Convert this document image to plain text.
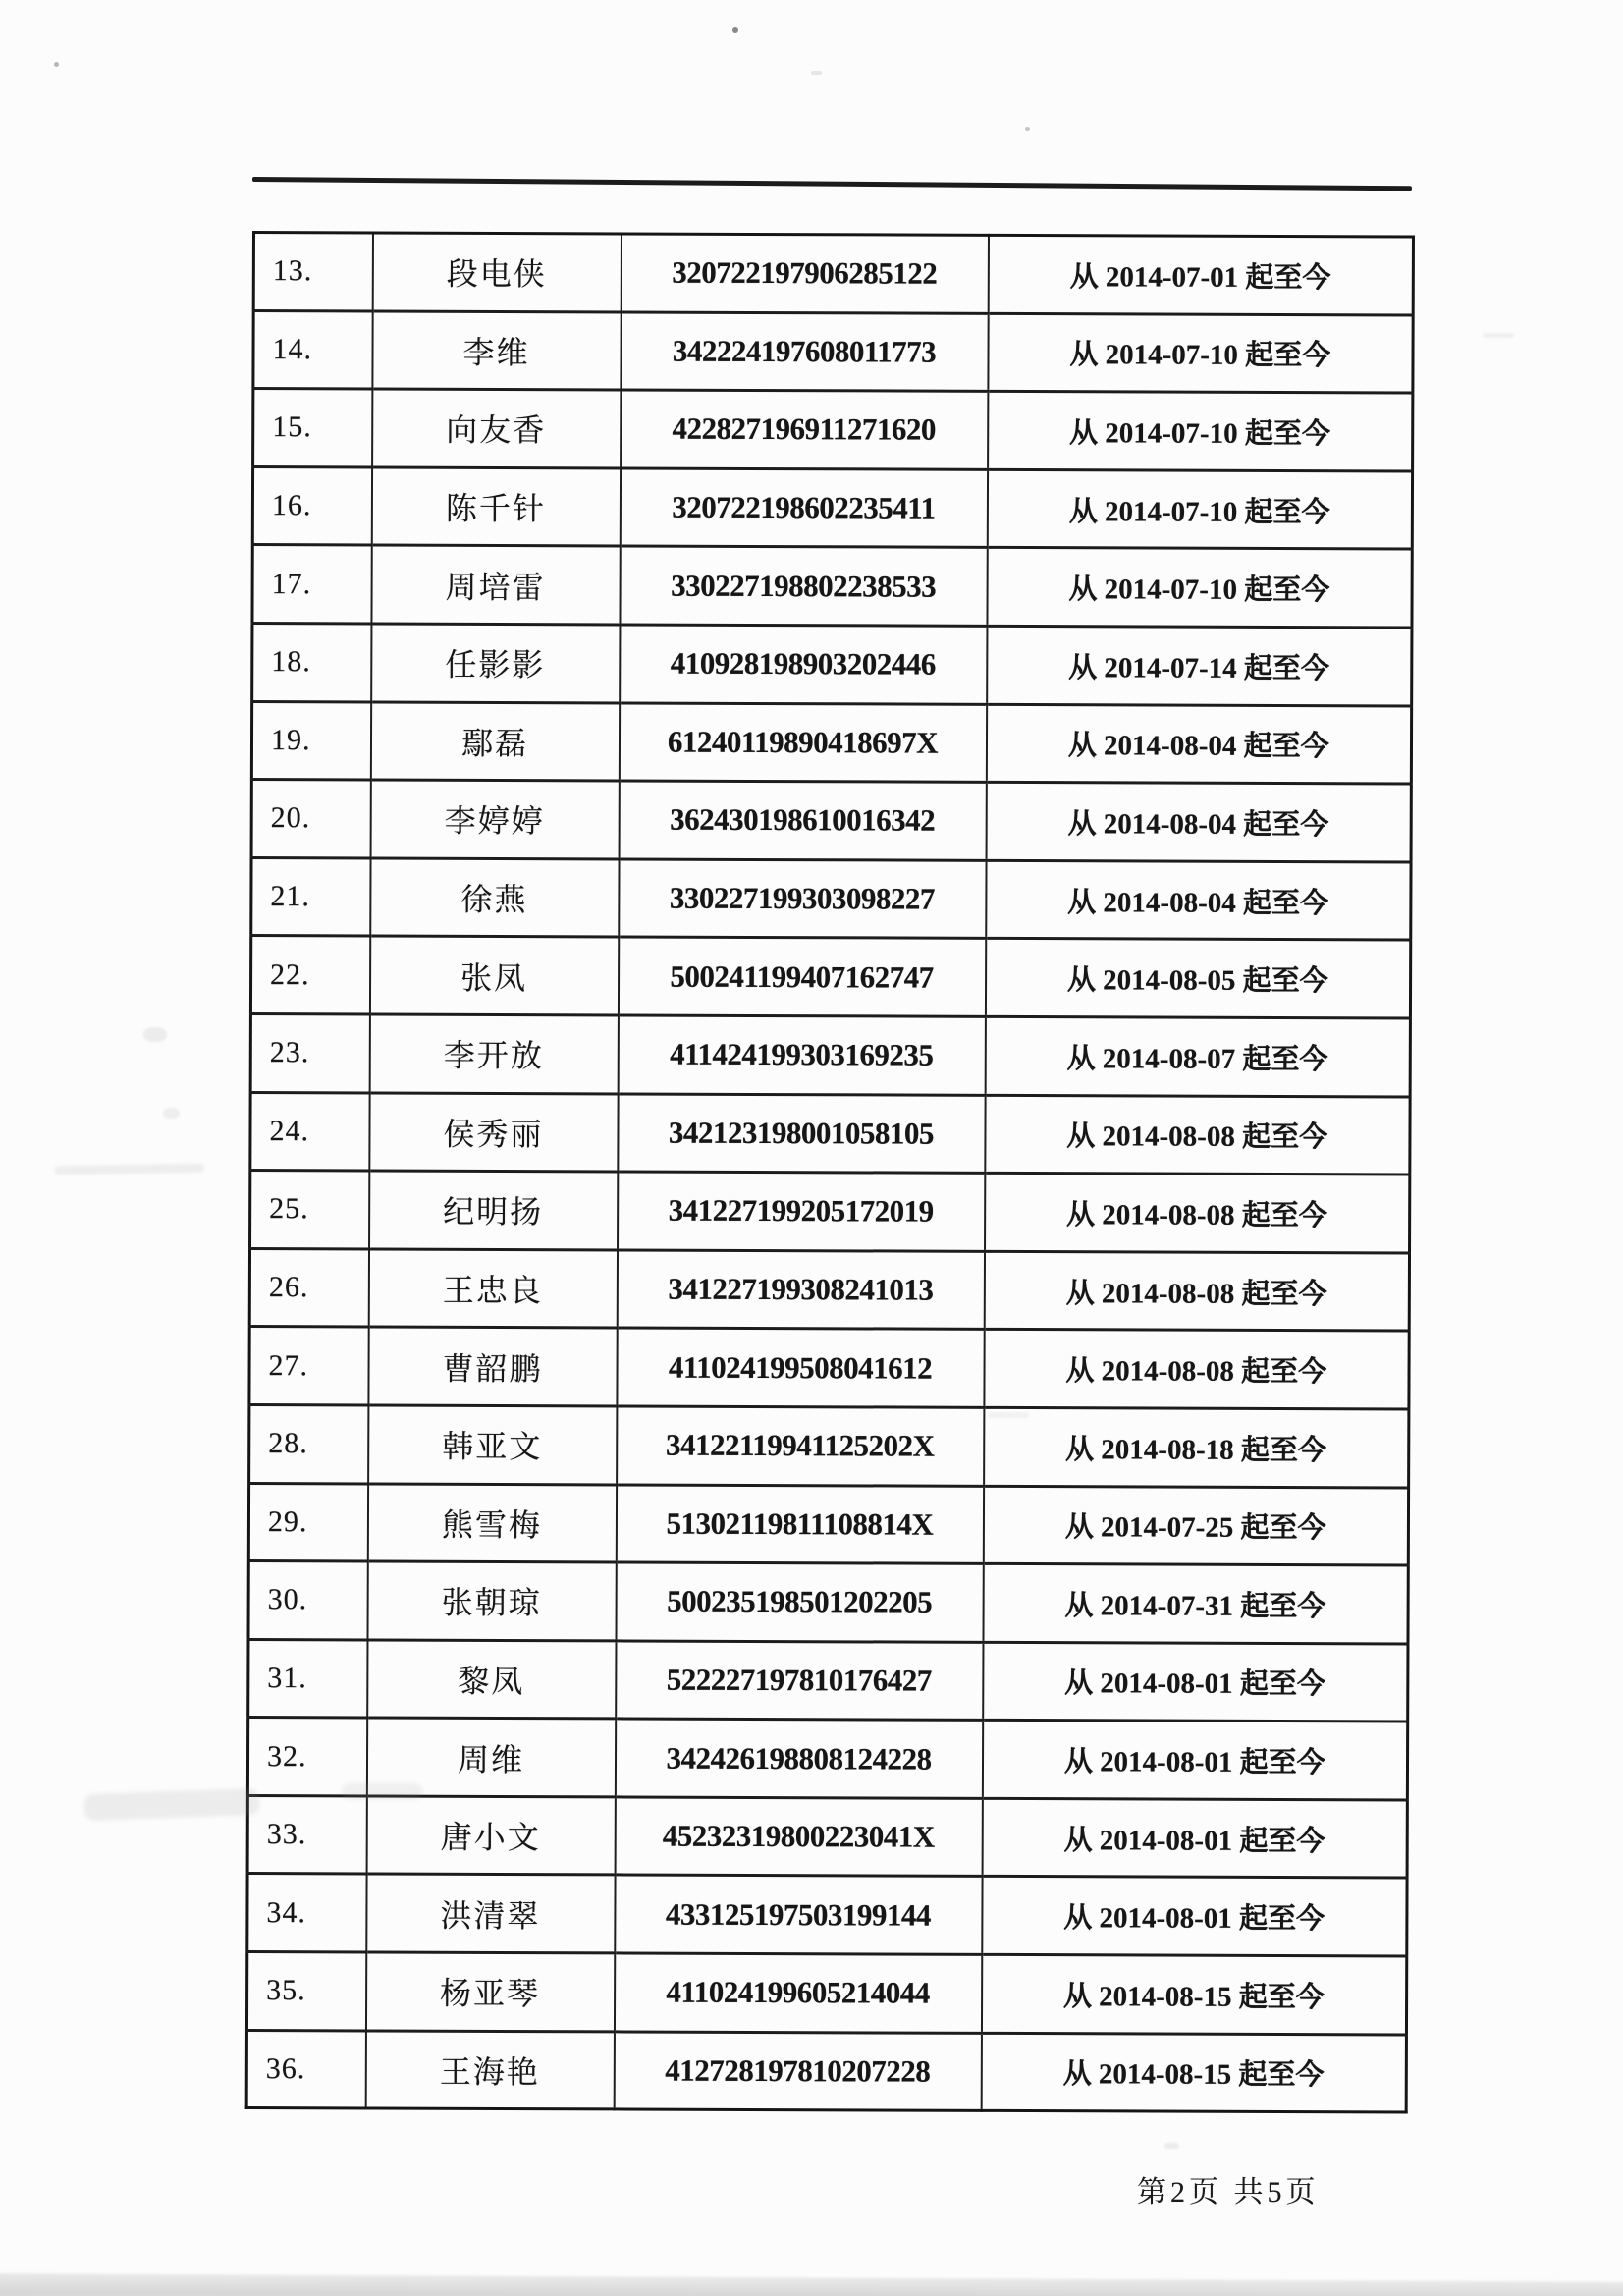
13.	段电侠	320722197906285122	从 2014-07-01 起至今
14.	李维	342224197608011773	从 2014-07-10 起至今
15.	向友香	422827196911271620	从 2014-07-10 起至今
16.	陈千针	320722198602235411	从 2014-07-10 起至今
17.	周培雷	330227198802238533	从 2014-07-10 起至今
18.	任影影	410928198903202446	从 2014-07-14 起至今
19.	鄢磊	61240119890418697X	从 2014-08-04 起至今
20.	李婷婷	362430198610016342	从 2014-08-04 起至今
21.	徐燕	330227199303098227	从 2014-08-04 起至今
22.	张凤	500241199407162747	从 2014-08-05 起至今
23.	李开放	411424199303169235	从 2014-08-07 起至今
24.	侯秀丽	342123198001058105	从 2014-08-08 起至今
25.	纪明扬	341227199205172019	从 2014-08-08 起至今
26.	王忠良	341227199308241013	从 2014-08-08 起至今
27.	曹韶鹏	411024199508041612	从 2014-08-08 起至今
28.	韩亚文	34122119941125202X	从 2014-08-18 起至今
29.	熊雪梅	51302119811108814X	从 2014-07-25 起至今
30.	张朝琼	500235198501202205	从 2014-07-31 起至今
31.	黎凤	522227197810176427	从 2014-08-01 起至今
32.	周维	342426198808124228	从 2014-08-01 起至今
33.	唐小文	45232319800223041X	从 2014-08-01 起至今
34.	洪清翠	433125197503199144	从 2014-08-01 起至今
35.	杨亚琴	411024199605214044	从 2014-08-15 起至今
36.	王海艳	412728197810207228	从 2014-08-15 起至今
第2页 共5页
